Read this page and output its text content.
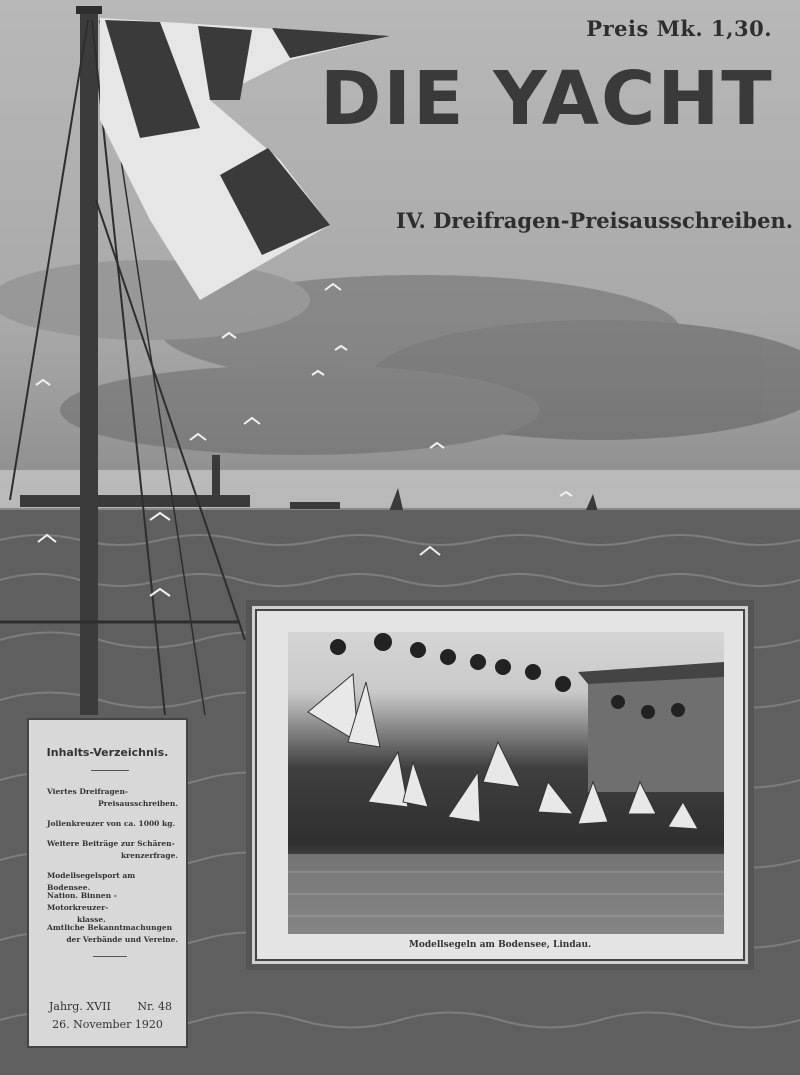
Preis Mk. 1,30.
DIE YACHT
IV. Dreifragen-Preisausschreiben.
Modellsegeln am Bodensee, Lindau.
Inhalts-Verzeichnis.
Viertes Dreifragen-
Preisausschreiben.
Jollenkreuzer von ca. 1000 kg.
Weitere Beiträge zur Schären-
krenzerfrage.
Modellsegelsport am Bodensee.
Nation. Binnen - Motorkreuzer-
klasse.
Amtliche Bekanntmachungen
der Verbände und Vereine.
Jahrg. XVII Nr. 48
26. November 1920
